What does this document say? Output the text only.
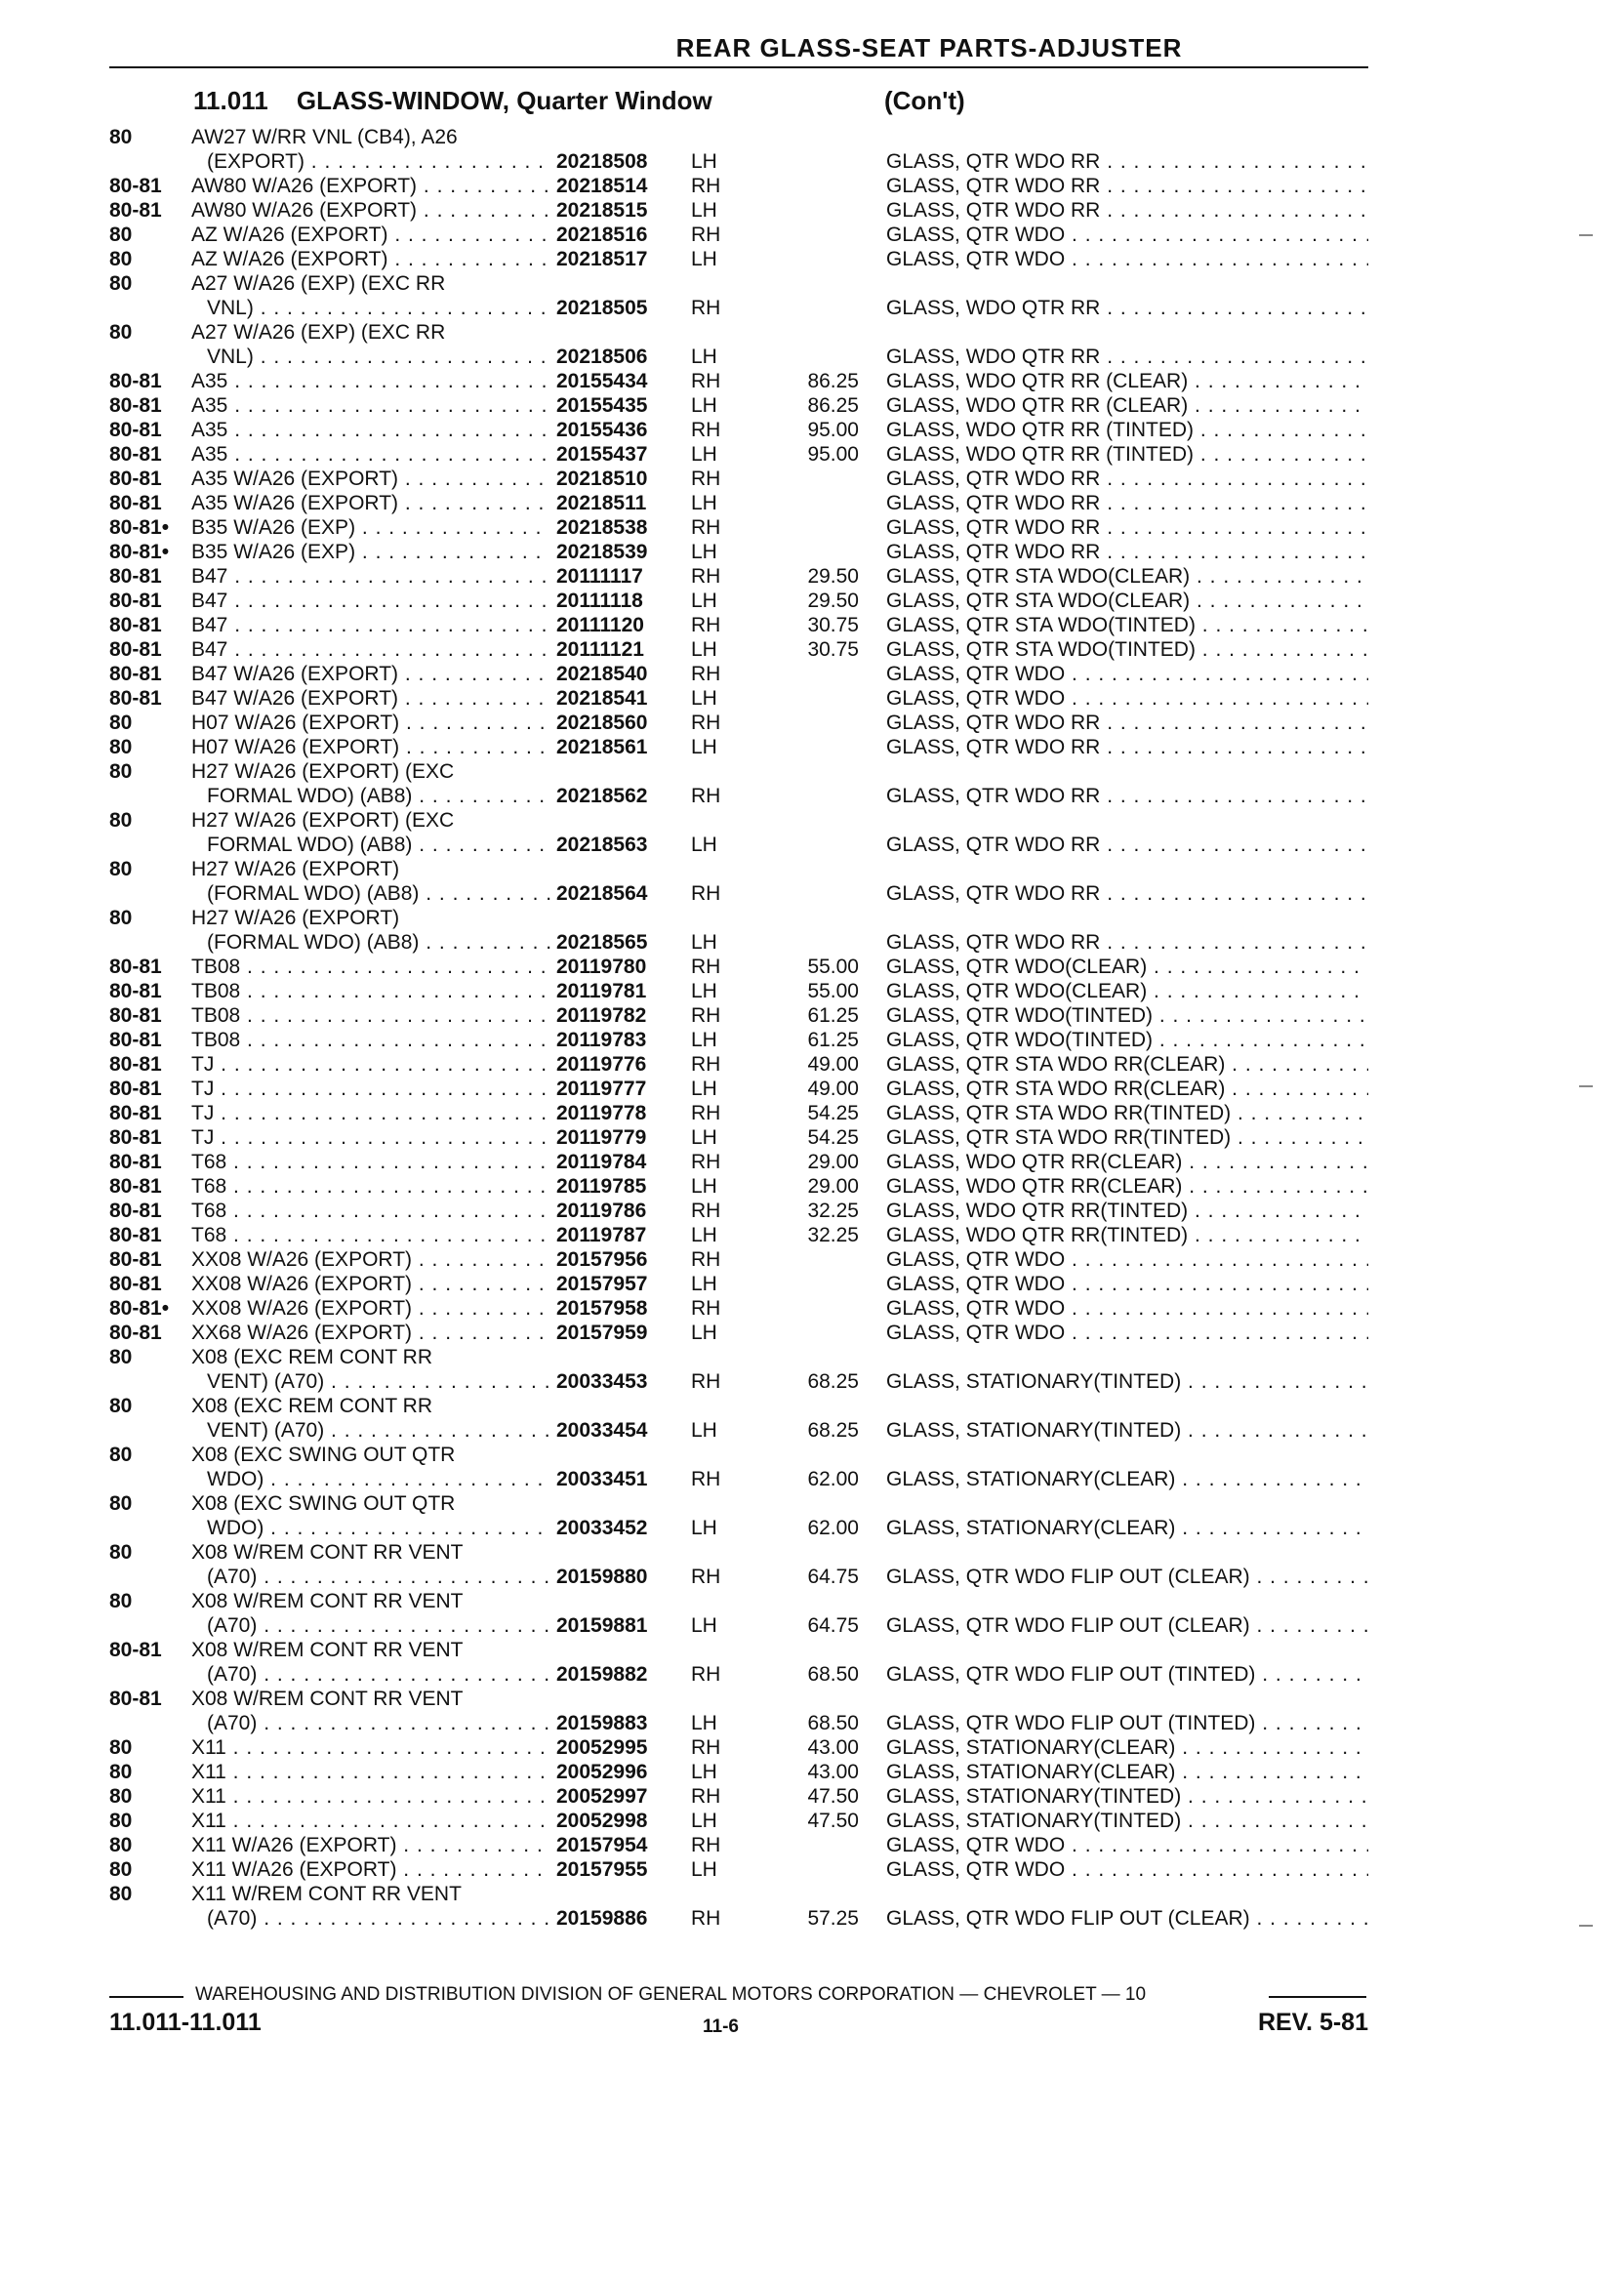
REAR GLASS-SEAT PARTS-ADJUSTER
11.011 GLASS-WINDOW, Quarter Window	(Con't)
80	AW27 W/RR VNL (CB4), A26
(EXPORT) . . .	20218508	LH	GLASS, QTR WDO RR . . .
80-81	AW80 W/A26 (EXPORT) . . .	20218514	RH	GLASS, QTR WDO RR . . .
80-81	AW80 W/A26 (EXPORT) . . .	20218515	LH	GLASS, QTR WDO RR . . .
80	AZ W/A26 (EXPORT) . . .	20218516	RH	GLASS, QTR WDO . . .
80	AZ W/A26 (EXPORT) . . .	20218517	LH	GLASS, QTR WDO . . .
80	A27 W/A26 (EXP) (EXC RR
VNL) . . .	20218505	RH	GLASS, WDO QTR RR . . .
80	A27 W/A26 (EXP) (EXC RR
VNL) . . .	20218506	LH	GLASS, WDO QTR RR . . .
80-81	A35 . . .	20155434	RH	86.25 GLASS, WDO QTR RR (CLEAR) . . .
80-81	A35 . . .	20155435	LH	86.25 GLASS, WDO QTR RR (CLEAR) . . .
80-81	A35 . . .	20155436	RH	95.00 GLASS, WDO QTR RR (TINTED) . . .
80-81	A35 . . .	20155437	LH	95.00 GLASS, WDO QTR RR (TINTED) . . .
80-81	A35 W/A26 (EXPORT) . . .	20218510	RH	GLASS, QTR WDO RR . . .
80-81	A35 W/A26 (EXPORT) . . .	20218511	LH	GLASS, QTR WDO RR . . .
80-81•	B35 W/A26 (EXP) . . .	20218538	RH	GLASS, QTR WDO RR . . .
80-81•	B35 W/A26 (EXP) . . .	20218539	LH	GLASS, QTR WDO RR . . .
80-81	B47 . . .	20111117	RH	29.50 GLASS, QTR STA WDO(CLEAR) . . .
80-81	B47 . . .	20111118	LH	29.50 GLASS, QTR STA WDO(CLEAR) . . .
80-81	B47 . . .	20111120	RH	30.75 GLASS, QTR STA WDO(TINTED) . . .
80-81	B47 . . .	20111121	LH	30.75 GLASS, QTR STA WDO(TINTED) . . .
80-81	B47 W/A26 (EXPORT) . . .	20218540	RH	GLASS, QTR WDO . . .
80-81	B47 W/A26 (EXPORT) . . .	20218541	LH	GLASS, QTR WDO . . .
80	H07 W/A26 (EXPORT) . . .	20218560	RH	GLASS, QTR WDO RR . . .
80	H07 W/A26 (EXPORT) . . .	20218561	LH	GLASS, QTR WDO RR . . .
80	H27 W/A26 (EXPORT) (EXC
FORMAL WDO) (AB8) . . .	20218562	RH	GLASS, QTR WDO RR . . .
80	H27 W/A26 (EXPORT) (EXC
FORMAL WDO) (AB8) . . .	20218563	LH	GLASS, QTR WDO RR . . .
80	H27 W/A26 (EXPORT)
(FORMAL WDO) (AB8) . . .	20218564	RH	GLASS, QTR WDO RR . . .
80	H27 W/A26 (EXPORT)
(FORMAL WDO) (AB8) . . .	20218565	LH	GLASS, QTR WDO RR . . .
80-81	TB08 . . .	20119780	RH	55.00 GLASS, QTR WDO(CLEAR) . . .
80-81	TB08 . . .	20119781	LH	55.00 GLASS, QTR WDO(CLEAR) . . .
80-81	TB08 . . .	20119782	RH	61.25 GLASS, QTR WDO(TINTED) . . .
80-81	TB08 . . .	20119783	LH	61.25 GLASS, QTR WDO(TINTED) . . .
80-81	TJ . . .	20119776	RH	49.00 GLASS, QTR STA WDO RR(CLEAR) . . .
80-81	TJ . . .	20119777	LH	49.00 GLASS, QTR STA WDO RR(CLEAR) . . .
80-81	TJ . . .	20119778	RH	54.25 GLASS, QTR STA WDO RR(TINTED) . . .
80-81	TJ . . .	20119779	LH	54.25 GLASS, QTR STA WDO RR(TINTED) . . .
80-81	T68 . . .	20119784	RH	29.00 GLASS, WDO QTR RR(CLEAR) . . .
80-81	T68 . . .	20119785	LH	29.00 GLASS, WDO QTR RR(CLEAR) . . .
80-81	T68 . . .	20119786	RH	32.25 GLASS, WDO QTR RR(TINTED) . . .
80-81	T68 . . .	20119787	LH	32.25 GLASS, WDO QTR RR(TINTED) . . .
80-81	XX08 W/A26 (EXPORT) . . .	20157956	RH	GLASS, QTR WDO . . .
80-81	XX08 W/A26 (EXPORT) . . .	20157957	LH	GLASS, QTR WDO . . .
80-81•	XX08 W/A26 (EXPORT) . . .	20157958	RH	GLASS, QTR WDO . . .
80-81	XX68 W/A26 (EXPORT) . . .	20157959	LH	GLASS, QTR WDO . . .
80	X08 (EXC REM CONT RR
VENT) (A70) . . .	20033453	RH	68.25 GLASS, STATIONARY(TINTED) . . .
80	X08 (EXC REM CONT RR
VENT) (A70) . . .	20033454	LH	68.25 GLASS, STATIONARY(TINTED) . . .
80	X08 (EXC SWING OUT QTR
WDO) . . .	20033451	RH	62.00 GLASS, STATIONARY(CLEAR) . . .
80	X08 (EXC SWING OUT QTR
WDO) . . .	20033452	LH	62.00 GLASS, STATIONARY(CLEAR) . . .
80	X08 W/REM CONT RR VENT
(A70) . . .	20159880	RH	64.75 GLASS, QTR WDO FLIP OUT (CLEAR) . . .
80	X08 W/REM CONT RR VENT
(A70) . . .	20159881	LH	64.75 GLASS, QTR WDO FLIP OUT (CLEAR) . . .
80-81	X08 W/REM CONT RR VENT
(A70) . . .	20159882	RH	68.50 GLASS, QTR WDO FLIP OUT (TINTED) . . .
80-81	X08 W/REM CONT RR VENT
(A70) . . .	20159883	LH	68.50 GLASS, QTR WDO FLIP OUT (TINTED) . . .
80	X11 . . .	20052995	RH	43.00 GLASS, STATIONARY(CLEAR) . . .
80	X11 . . .	20052996	LH	43.00 GLASS, STATIONARY(CLEAR) . . .
80	X11 . . .	20052997	RH	47.50 GLASS, STATIONARY(TINTED) . . .
80	X11 . . .	20052998	LH	47.50 GLASS, STATIONARY(TINTED) . . .
80	X11 W/A26 (EXPORT) . . .	20157954	RH	GLASS, QTR WDO . . .
80	X11 W/A26 (EXPORT) . . .	20157955	LH	GLASS, QTR WDO . . .
80	X11 W/REM CONT RR VENT
(A70) . . .	20159886	RH	57.25 GLASS, QTR WDO FLIP OUT (CLEAR) . . .
WAREHOUSING AND DISTRIBUTION DIVISION OF GENERAL MOTORS CORPORATION — CHEVROLET — 10
11.011-11.011	11-6	REV. 5-81
